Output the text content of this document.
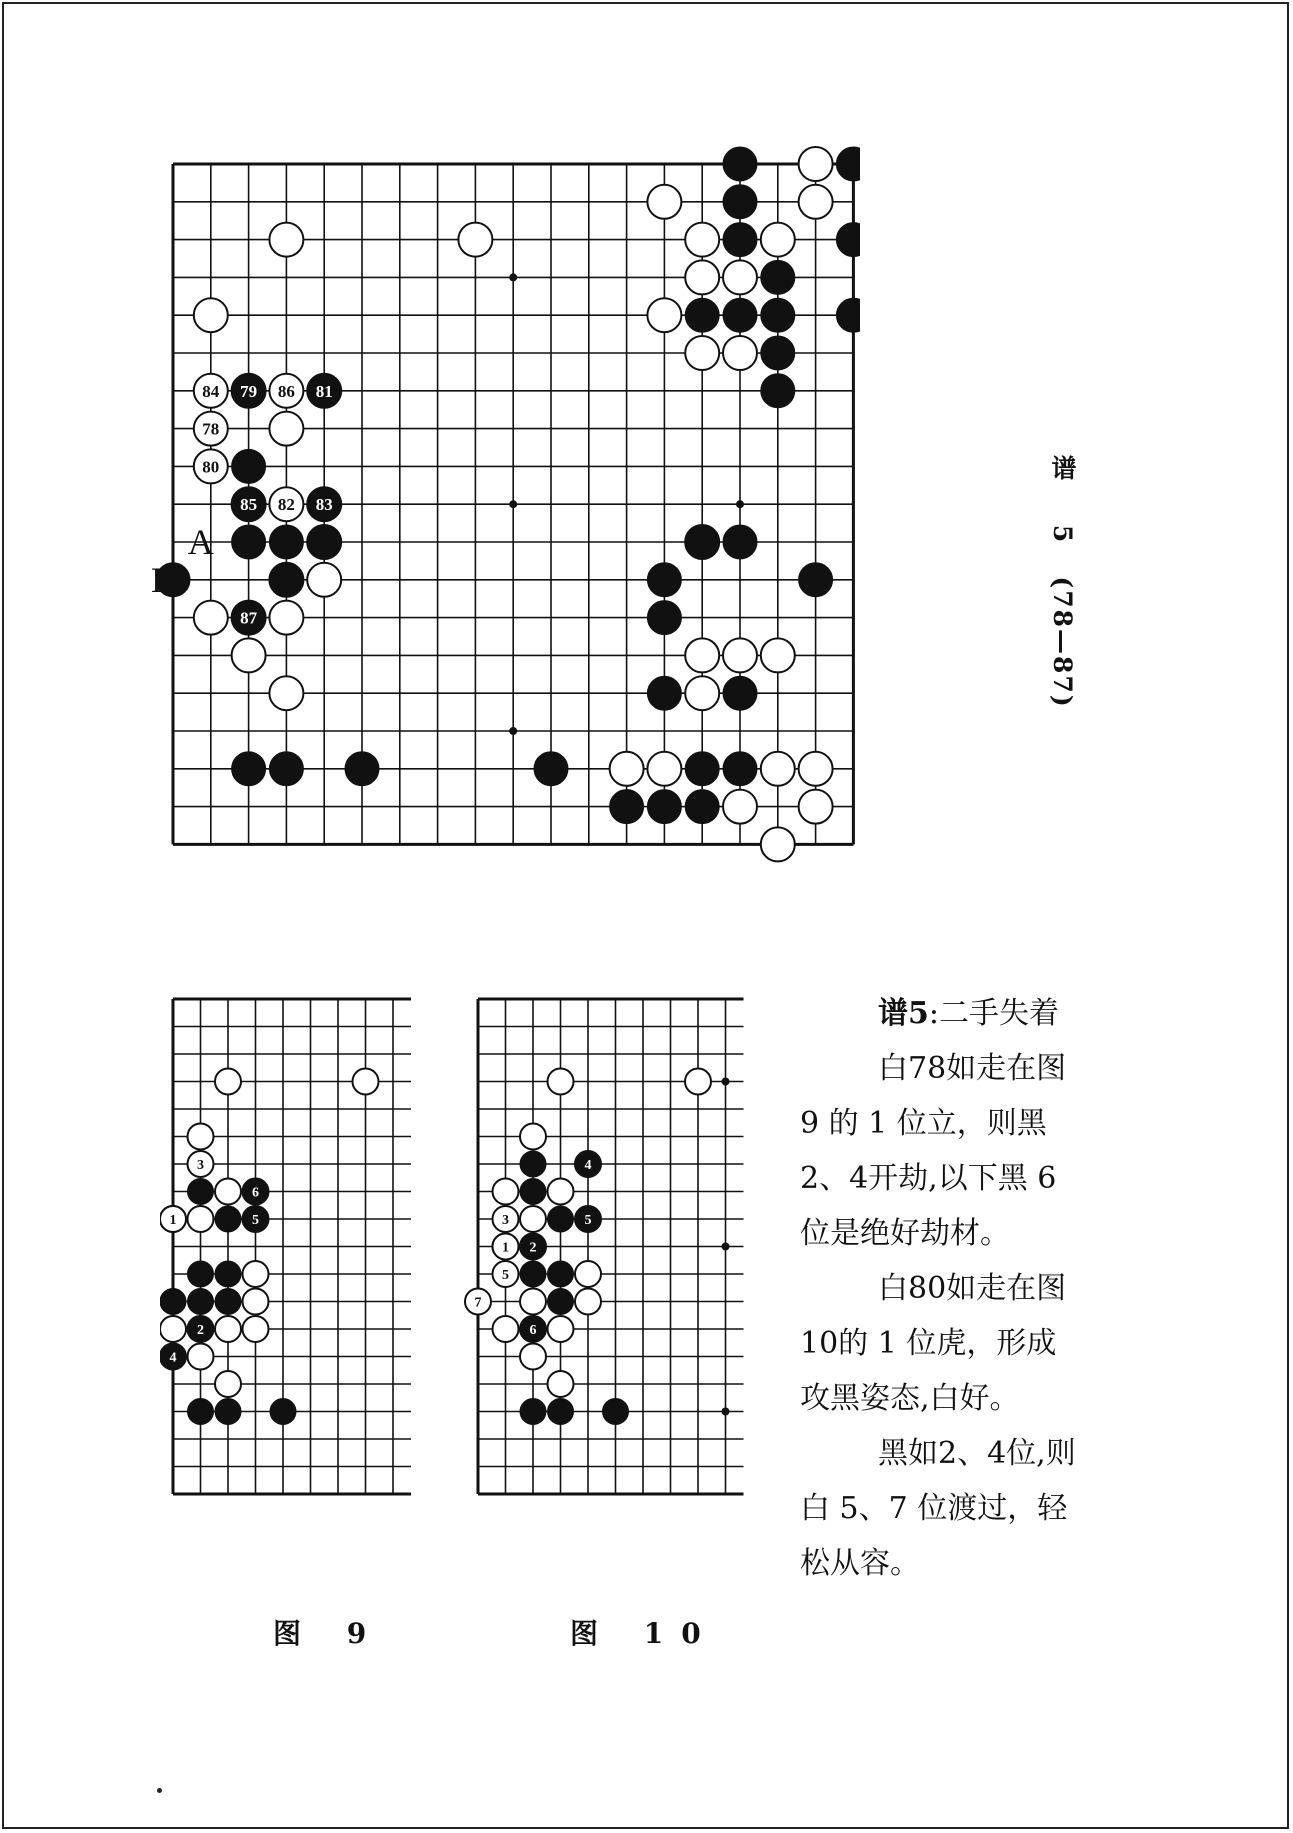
84 79 86 81
78
80
85 82 83
87
A
B
1
2
3
4
5
6
1 2
3
4
5
6
7
5
谱    5   (78—87)

谱5:二手失着

白78如走在图

9 的 1 位立，则黑

2、4开劫,以下黑 6

位是绝好劫材。

白80如走在图

10的 1 位虎，形成

攻黑姿态,白好。

黑如2、4位,则

白 5、7 位渡过，轻

松从容。

图 9	图 10
